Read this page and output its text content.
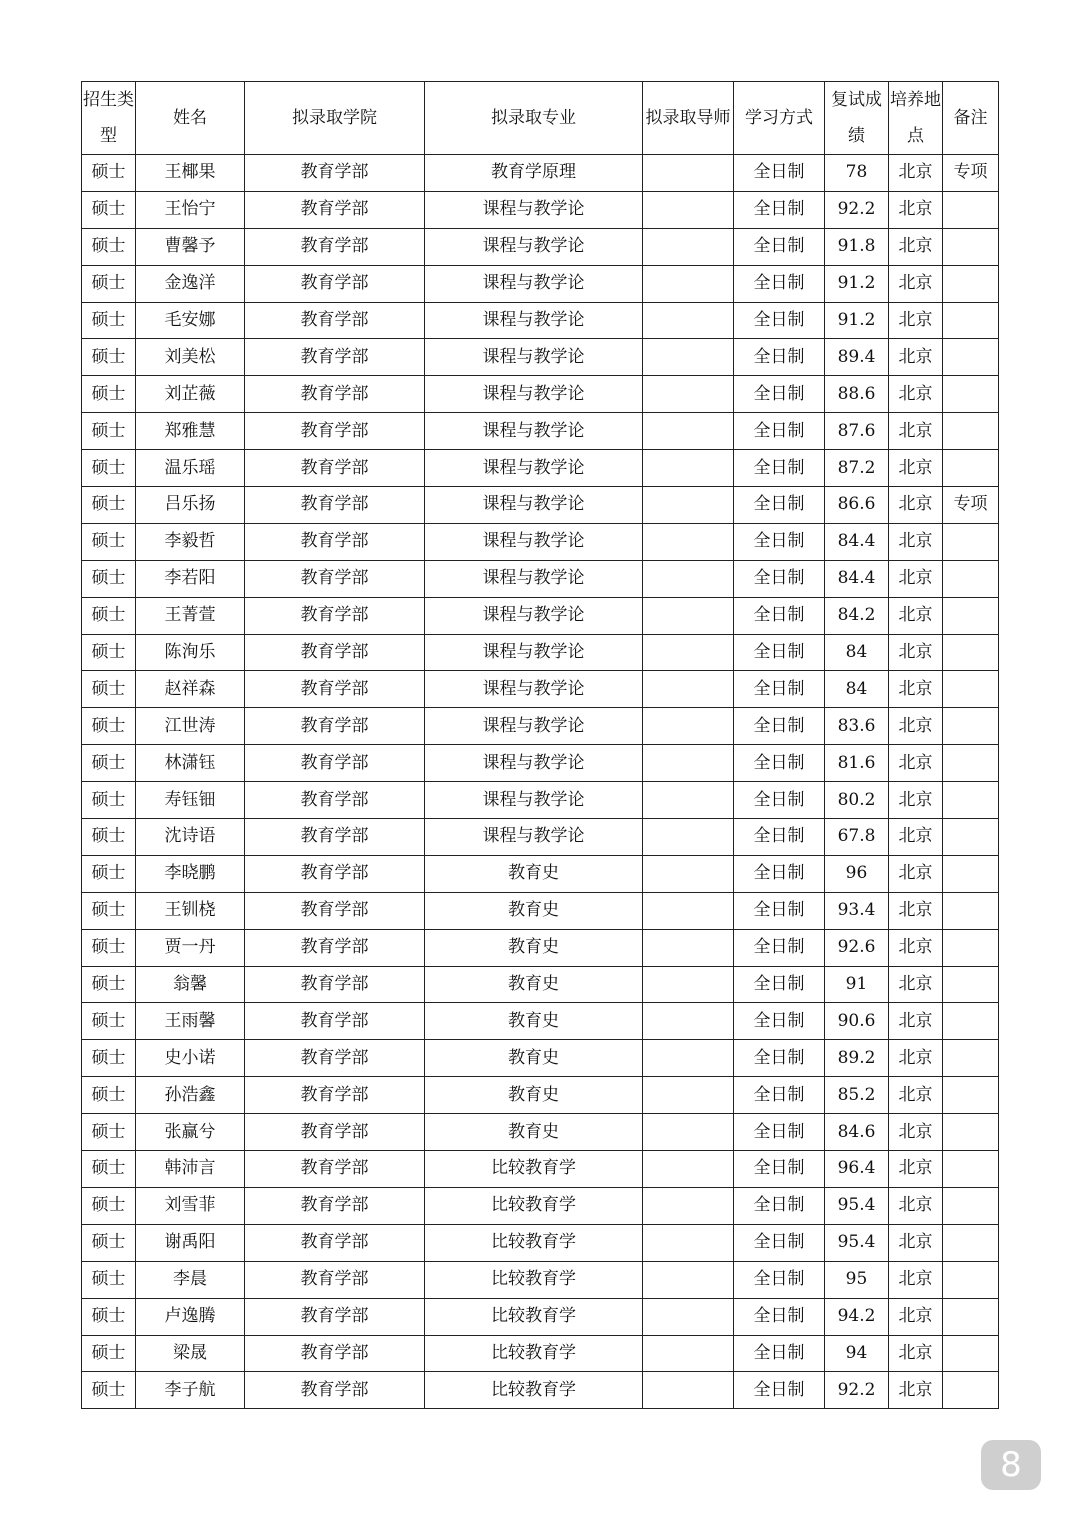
招生类型	姓名	拟录取学院	拟录取专业	拟录取导师	学习方式	复试成绩	培养地点	备注
硕士	王椰果	教育学部	教育学原理		全日制	78	北京	专项
硕士	王怡宁	教育学部	课程与教学论		全日制	92.2	北京	
硕士	曹馨予	教育学部	课程与教学论		全日制	91.8	北京	
硕士	金逸洋	教育学部	课程与教学论		全日制	91.2	北京	
硕士	毛安娜	教育学部	课程与教学论		全日制	91.2	北京	
硕士	刘美松	教育学部	课程与教学论		全日制	89.4	北京	
硕士	刘芷薇	教育学部	课程与教学论		全日制	88.6	北京	
硕士	郑雅慧	教育学部	课程与教学论		全日制	87.6	北京	
硕士	温乐瑶	教育学部	课程与教学论		全日制	87.2	北京	
硕士	吕乐扬	教育学部	课程与教学论		全日制	86.6	北京	专项
硕士	李毅哲	教育学部	课程与教学论		全日制	84.4	北京	
硕士	李若阳	教育学部	课程与教学论		全日制	84.4	北京	
硕士	王菁萱	教育学部	课程与教学论		全日制	84.2	北京	
硕士	陈洵乐	教育学部	课程与教学论		全日制	84	北京	
硕士	赵祥森	教育学部	课程与教学论		全日制	84	北京	
硕士	江世涛	教育学部	课程与教学论		全日制	83.6	北京	
硕士	林潇钰	教育学部	课程与教学论		全日制	81.6	北京	
硕士	寿钰钿	教育学部	课程与教学论		全日制	80.2	北京	
硕士	沈诗语	教育学部	课程与教学论		全日制	67.8	北京	
硕士	李晓鹏	教育学部	教育史		全日制	96	北京	
硕士	王钏桡	教育学部	教育史		全日制	93.4	北京	
硕士	贾一丹	教育学部	教育史		全日制	92.6	北京	
硕士	翁馨	教育学部	教育史		全日制	91	北京	
硕士	王雨馨	教育学部	教育史		全日制	90.6	北京	
硕士	史小诺	教育学部	教育史		全日制	89.2	北京	
硕士	孙浩鑫	教育学部	教育史		全日制	85.2	北京	
硕士	张赢兮	教育学部	教育史		全日制	84.6	北京	
硕士	韩沛言	教育学部	比较教育学		全日制	96.4	北京	
硕士	刘雪菲	教育学部	比较教育学		全日制	95.4	北京	
硕士	谢禹阳	教育学部	比较教育学		全日制	95.4	北京	
硕士	李晨	教育学部	比较教育学		全日制	95	北京	
硕士	卢逸腾	教育学部	比较教育学		全日制	94.2	北京	
硕士	梁晟	教育学部	比较教育学		全日制	94	北京	
硕士	李子航	教育学部	比较教育学		全日制	92.2	北京	
8
